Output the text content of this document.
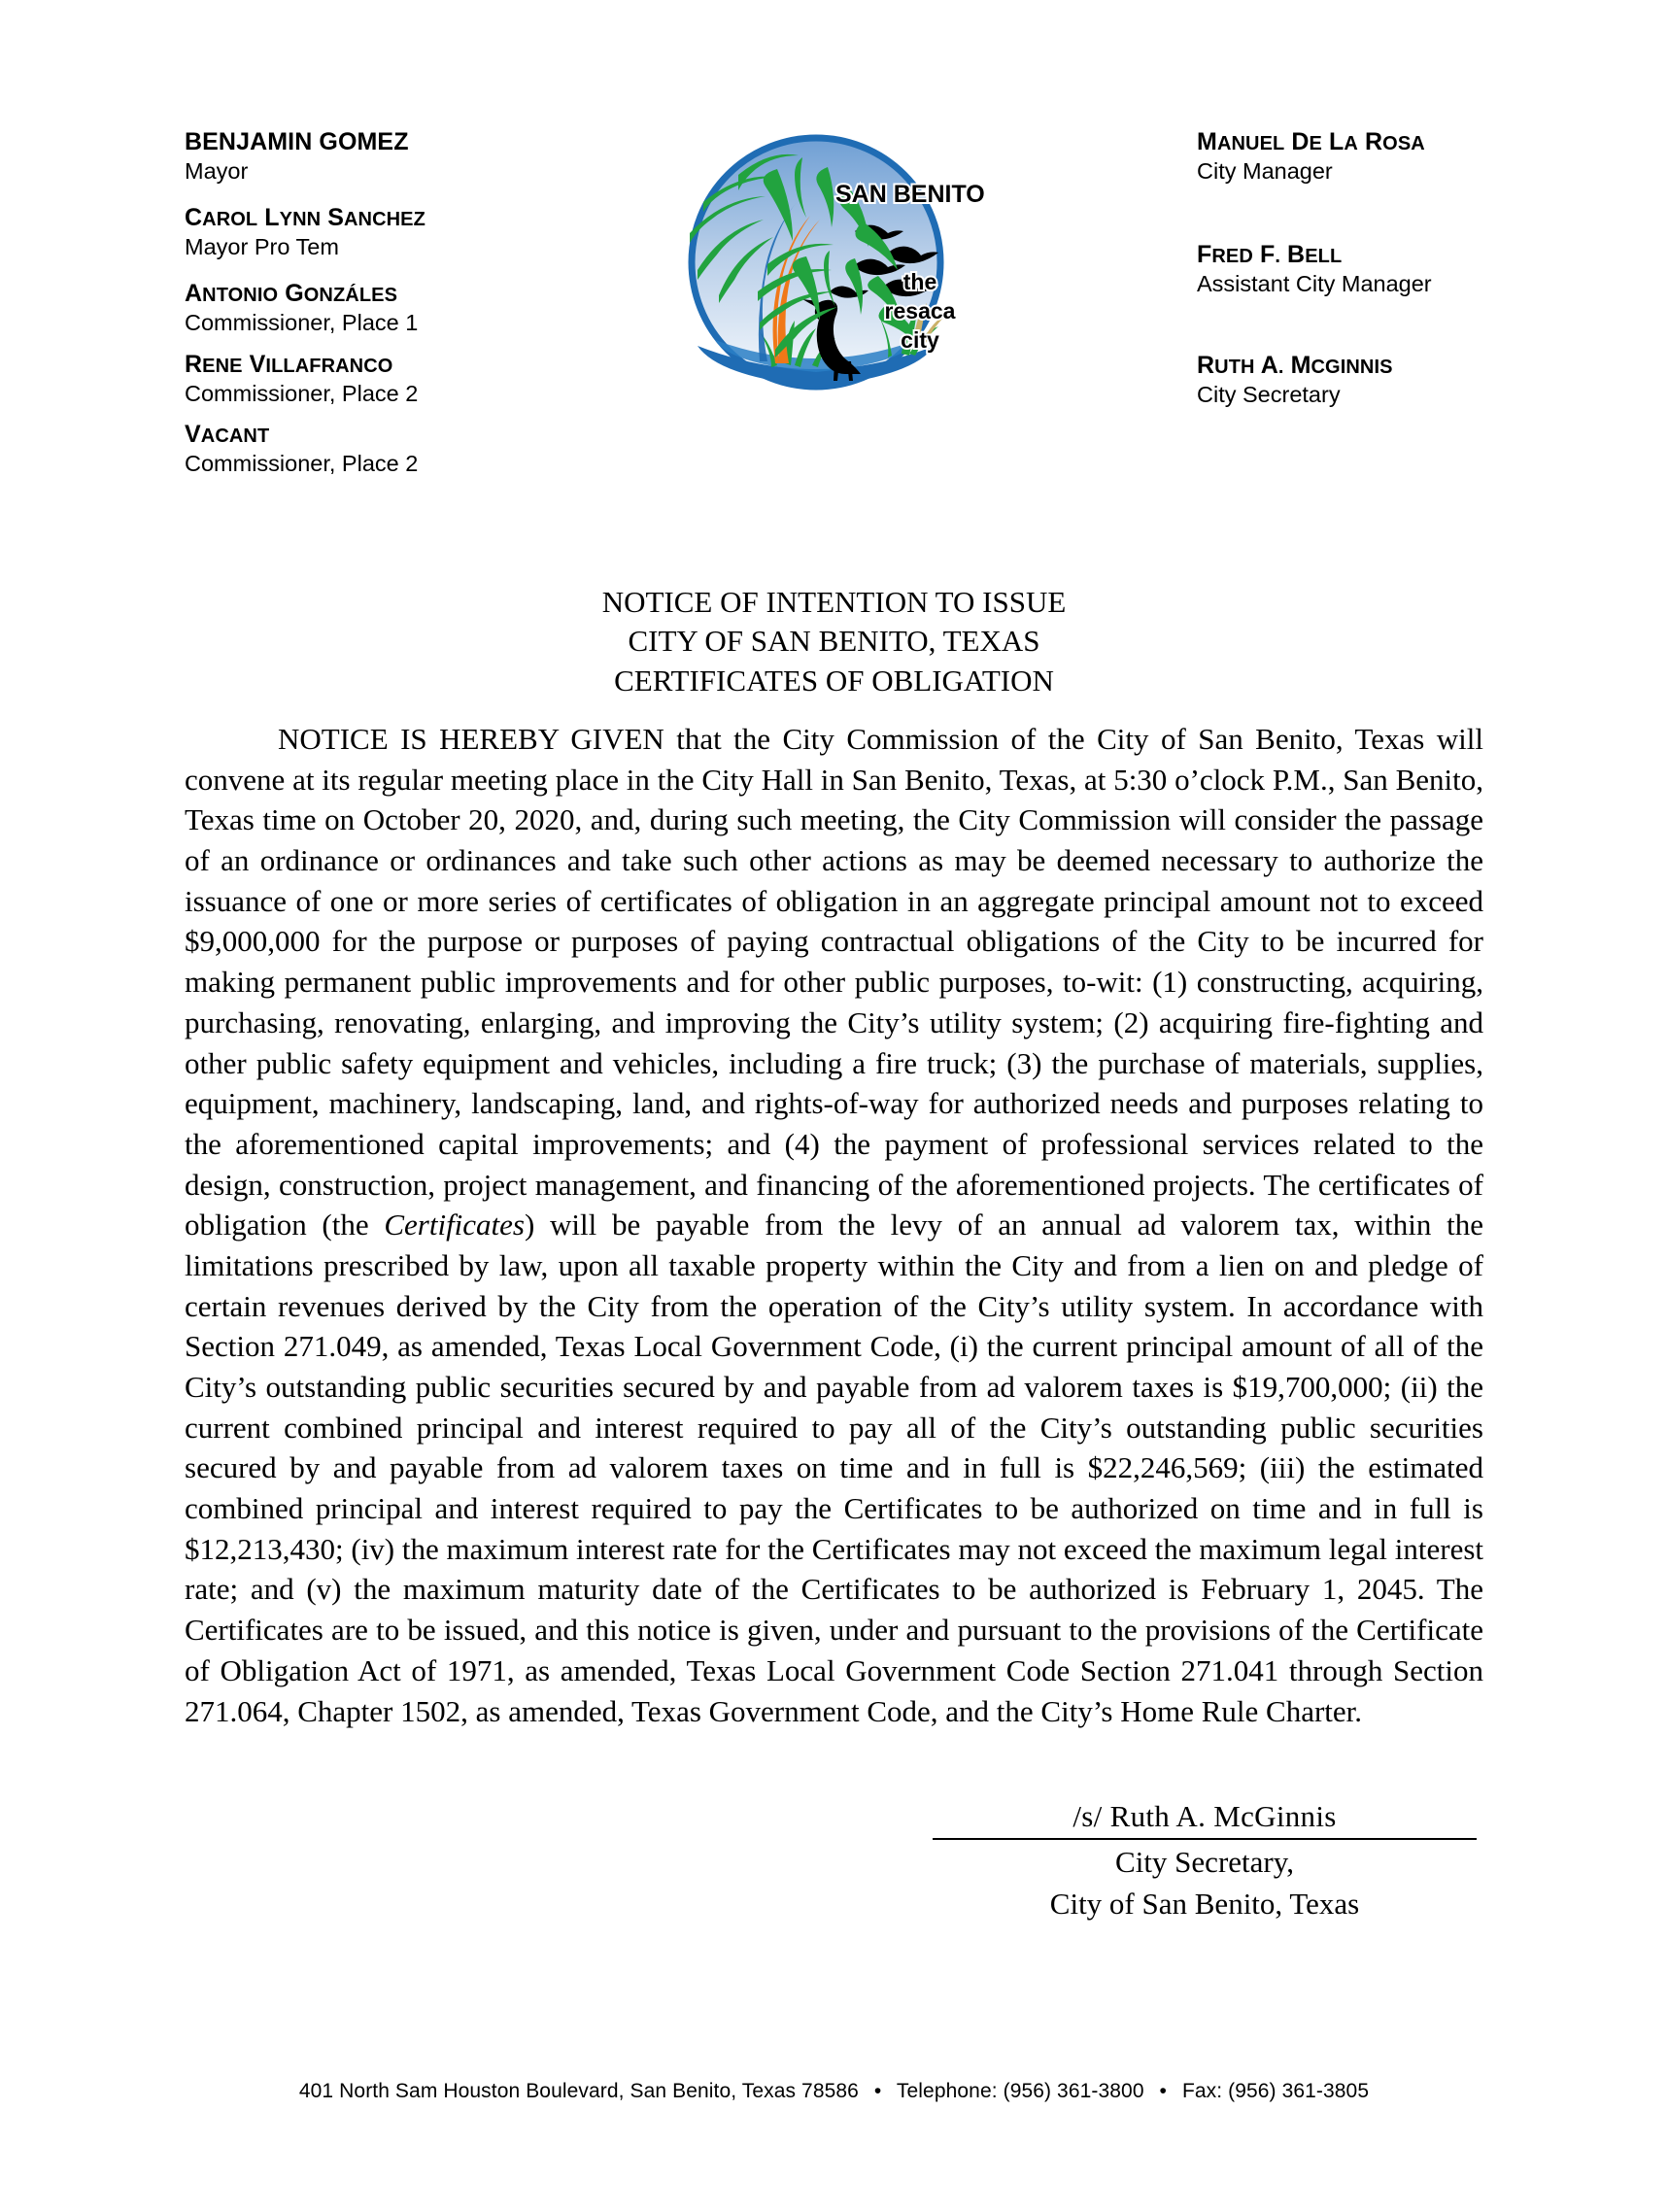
BENJAMIN GOMEZ
Mayor
CAROL LYNN SANCHEZ
Mayor Pro Tem
ANTONIO GONZÁLES
Commissioner, Place 1
RENE VILLAFRANCO
Commissioner, Place 2
VACANT
Commissioner, Place 2
SAN BENITO
the
resaca
city
MANUEL DE LA ROSA
City Manager
FRED F. BELL
Assistant City Manager
RUTH A. MCGINNIS
City Secretary
NOTICE OF INTENTION TO ISSUE
CITY OF SAN BENITO, TEXAS
CERTIFICATES OF OBLIGATION

NOTICE IS HEREBY GIVEN that the City Commission of the City of San Benito, Texas will convene at its regular meeting place in the City Hall in San Benito, Texas, at 5:30 o’clock P.M., San Benito, Texas time on October 20, 2020, and, during such meeting, the City Commission will consider the passage of an ordinance or ordinances and take such other actions as may be deemed necessary to authorize the issuance of one or more series of certificates of obligation in an aggregate principal amount not to exceed $9,000,000 for the purpose or purposes of paying contractual obligations of the City to be incurred for making permanent public improvements and for other public purposes, to-wit: (1) constructing, acquiring, purchasing, renovating, enlarging, and improving the City’s utility system; (2) acquiring fire-fighting and other public safety equipment and vehicles, including a fire truck; (3) the purchase of materials, supplies, equipment, machinery, landscaping, land, and rights-of-way for authorized needs and purposes relating to the aforementioned capital improvements; and (4) the payment of professional services related to the design, construction, project management, and financing of the aforementioned projects. The certificates of obligation (the Certificates) will be payable from the levy of an annual ad valorem tax, within the limitations prescribed by law, upon all taxable property within the City and from a lien on and pledge of certain revenues derived by the City from the operation of the City’s utility system. In accordance with Section 271.049, as amended, Texas Local Government Code, (i) the current principal amount of all of the City’s outstanding public securities secured by and payable from ad valorem taxes is $19,700,000; (ii) the current combined principal and interest required to pay all of the City’s outstanding public securities secured by and payable from ad valorem taxes on time and in full is $22,246,569; (iii) the estimated combined principal and interest required to pay the Certificates to be authorized on time and in full is $12,213,430; (iv) the maximum interest rate for the Certificates may not exceed the maximum legal interest rate; and (v) the maximum maturity date of the Certificates to be authorized is February 1, 2045. The Certificates are to be issued, and this notice is given, under and pursuant to the provisions of the Certificate of Obligation Act of 1971, as amended, Texas Local Government Code Section 271.041 through Section 271.064, Chapter 1502, as amended, Texas Government Code, and the City’s Home Rule Charter.

/s/ Ruth A. McGinnis
City Secretary,
City of San Benito, Texas
401 North Sam Houston Boulevard, San Benito, Texas 78586 • Telephone: (956) 361-3800 • Fax: (956) 361-3805
